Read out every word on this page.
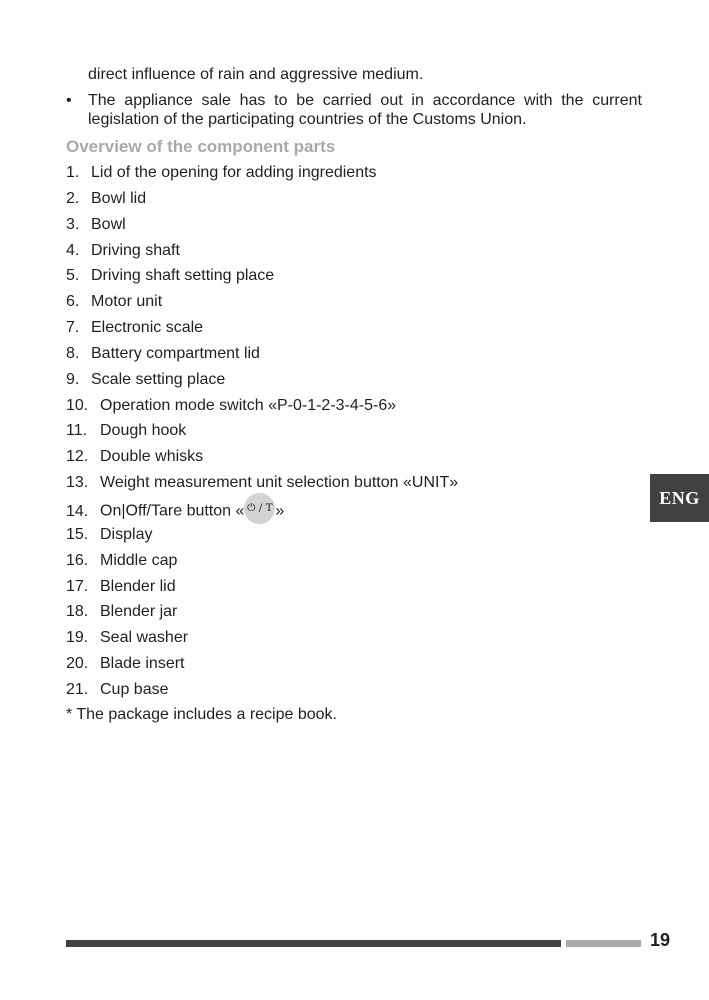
direct influence of rain and aggressive medium.
• The appliance sale has to be carried out in accordance with the current legislation of the participating countries of the Customs Union.
Overview of the component parts
1. Lid of the opening for adding ingredients
2. Bowl lid
3. Bowl
4. Driving shaft
5. Driving shaft setting place
6. Motor unit
7. Electronic scale
8. Battery compartment lid
9. Scale setting place
10. Operation mode switch «P-0-1-2-3-4-5-6»
11. Dough hook
12. Double whisks
13. Weight measurement unit selection button «UNIT»
14. On|Off/Tare button « ⏻ / T »
15. Display
16. Middle cap
17. Blender lid
18. Blender jar
19. Seal washer
20. Blade insert
21. Cup base
* The package includes a recipe book.
ENG
19
